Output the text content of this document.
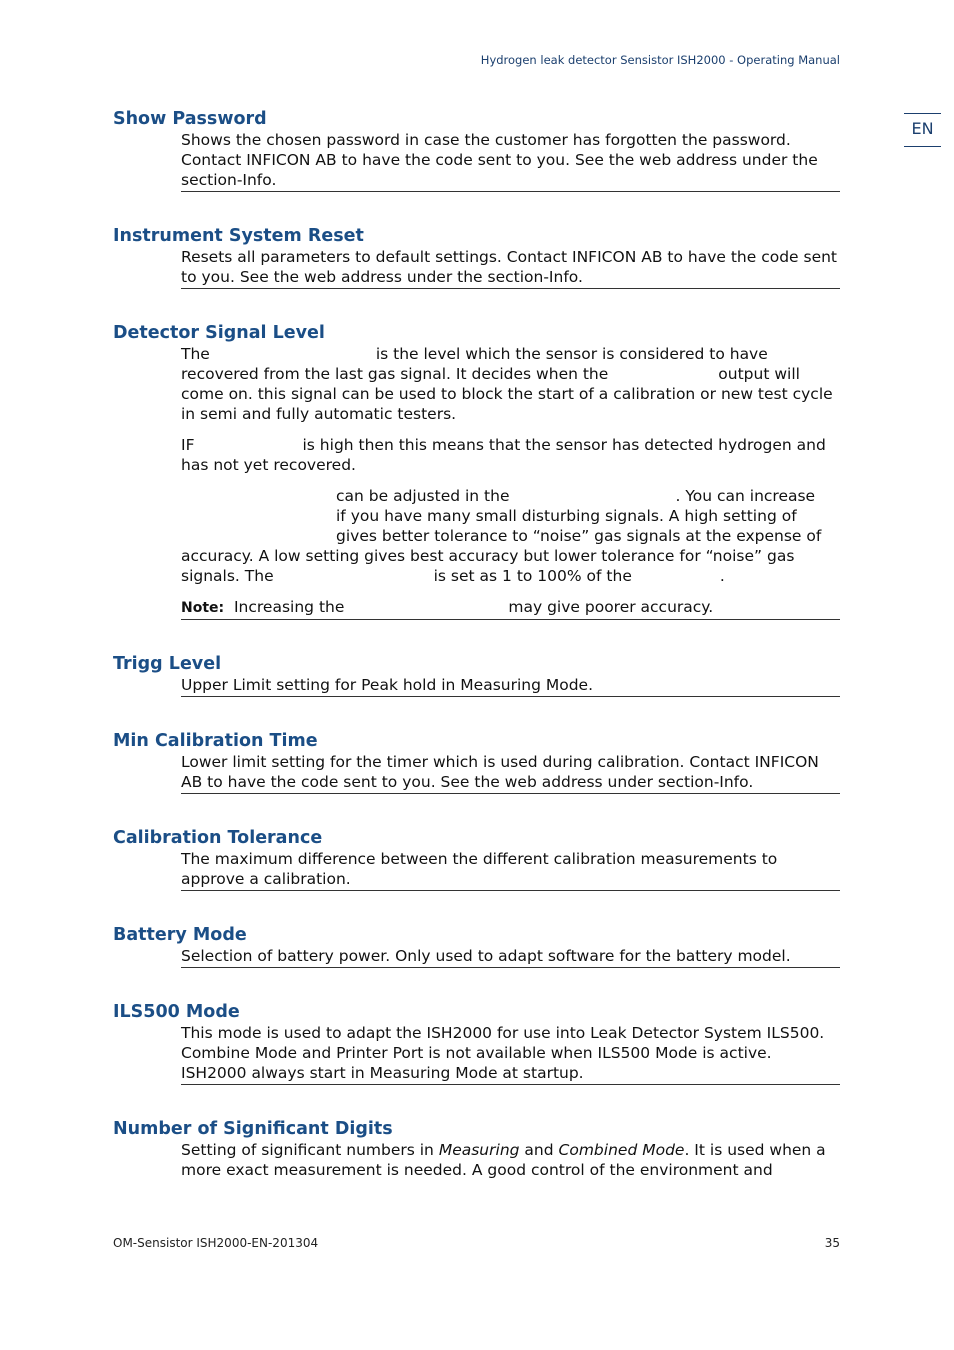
Hydrogen leak detector Sensistor ISH2000 - Operating Manual
EN
Show Password

Shows the chosen password in case the customer has forgotten the password. Contact INFICON AB to have the code sent to you. See the web address under the section-Info.

Instrument System Reset

Resets all parameters to default settings. Contact INFICON AB to have the code sent to you. See the web address under the section-Info.

Detector Signal Level

The	is the level which the sensor is considered to have recovered from the last gas signal. It decides when the	output will come on. this signal can be used to block the start of a calibration or new test cycle in semi and fully automatic testers.

IF	is high then this means that the sensor has detected hydrogen and has not yet recovered.

can be adjusted in the	. You can increase
if you have many small disturbing signals. A high setting of
gives better tolerance to “noise” gas signals at the expense of accuracy. A low setting gives best accuracy but lower tolerance for “noise” gas signals. The	is set as 1 to 100% of the	.

Note: Increasing the	may give poorer accuracy.

Trigg Level

Upper Limit setting for Peak hold in Measuring Mode.

Min Calibration Time

Lower limit setting for the timer which is used during calibration. Contact INFICON AB to have the code sent to you. See the web address under section-Info.

Calibration Tolerance

The maximum difference between the different calibration measurements to approve a calibration.

Battery Mode

Selection of battery power. Only used to adapt software for the battery model.

ILS500 Mode

This mode is used to adapt the ISH2000 for use into Leak Detector System ILS500. Combine Mode and Printer Port is not available when ILS500 Mode is active. ISH2000 always start in Measuring Mode at startup.

Number of Significant Digits

Setting of significant numbers in Measuring and Combined Mode. It is used when a more exact measurement is needed. A good control of the environment and

OM-Sensistor ISH2000-EN-201304	35
